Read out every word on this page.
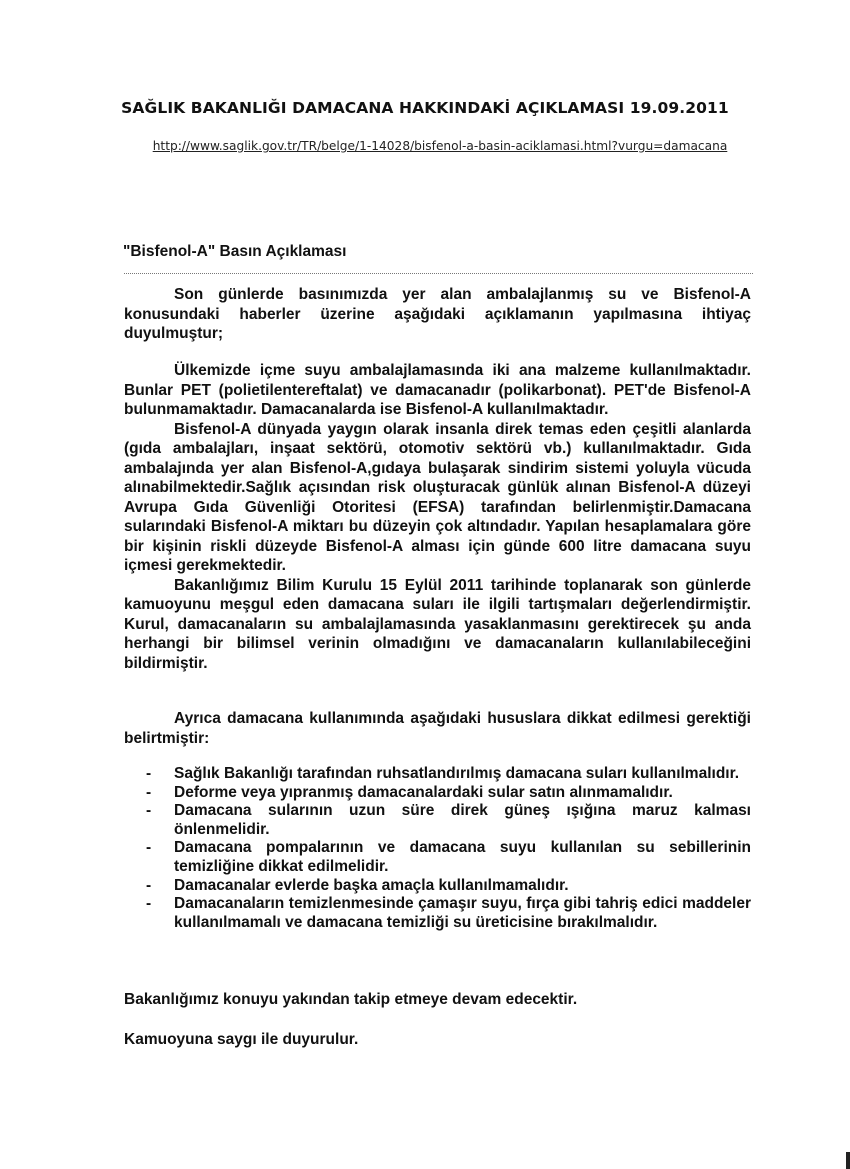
SAĞLIK BAKANLIĞI DAMACANA HAKKINDAKİ AÇIKLAMASI 19.09.2011
http://www.saglik.gov.tr/TR/belge/1-14028/bisfenol-a-basin-aciklamasi.html?vurgu=damacana
"Bisfenol-A" Basın Açıklaması

Son günlerde basınımızda yer alan ambalajlanmış su ve Bisfenol-A konusundaki haberler üzerine aşağıdaki açıklamanın yapılmasına ihtiyaç duyulmuştur;

Ülkemizde içme suyu ambalajlamasında iki ana malzeme kullanılmaktadır. Bunlar PET (polietilentereftalat) ve damacanadır (polikarbonat). PET'de Bisfenol-A bulunmamaktadır. Damacanalarda ise Bisfenol-A kullanılmaktadır.

Bisfenol-A dünyada yaygın olarak insanla direk temas eden çeşitli alanlarda (gıda ambalajları, inşaat sektörü, otomotiv sektörü vb.) kullanılmaktadır. Gıda ambalajında yer alan Bisfenol-A,gıdaya bulaşarak sindirim sistemi yoluyla vücuda alınabilmektedir.Sağlık açısından risk oluşturacak günlük alınan Bisfenol-A düzeyi Avrupa Gıda Güvenliği Otoritesi (EFSA) tarafından belirlenmiştir.Damacana sularındaki Bisfenol-A miktarı bu düzeyin çok altındadır. Yapılan hesaplamalara göre bir kişinin riskli düzeyde Bisfenol-A alması için günde 600 litre damacana suyu içmesi gerekmektedir.

Bakanlığımız Bilim Kurulu 15 Eylül 2011 tarihinde toplanarak son günlerde kamuoyunu meşgul eden damacana suları ile ilgili tartışmaları değerlendirmiştir. Kurul, damacanaların su ambalajlamasında yasaklanmasını gerektirecek şu anda herhangi bir bilimsel verinin olmadığını ve damacanaların kullanılabileceğini bildirmiştir.

Ayrıca damacana kullanımında aşağıdaki hususlara dikkat edilmesi gerektiği belirtmiştir:

- Sağlık Bakanlığı tarafından ruhsatlandırılmış damacana suları kullanılmalıdır.
- Deforme veya yıpranmış damacanalardaki sular satın alınmamalıdır.
- Damacana sularının uzun süre direk güneş ışığına maruz kalması önlenmelidir.
- Damacana pompalarının ve damacana suyu kullanılan su sebillerinin temizliğine dikkat edilmelidir.
- Damacanalar evlerde başka amaçla kullanılmamalıdır.
- Damacanaların temizlenmesinde çamaşır suyu, fırça gibi tahriş edici maddeler kullanılmamalı ve damacana temizliği su üreticisine bırakılmalıdır.
Bakanlığımız konuyu yakından takip etmeye devam edecektir.
Kamuoyuna saygı ile duyurulur.
